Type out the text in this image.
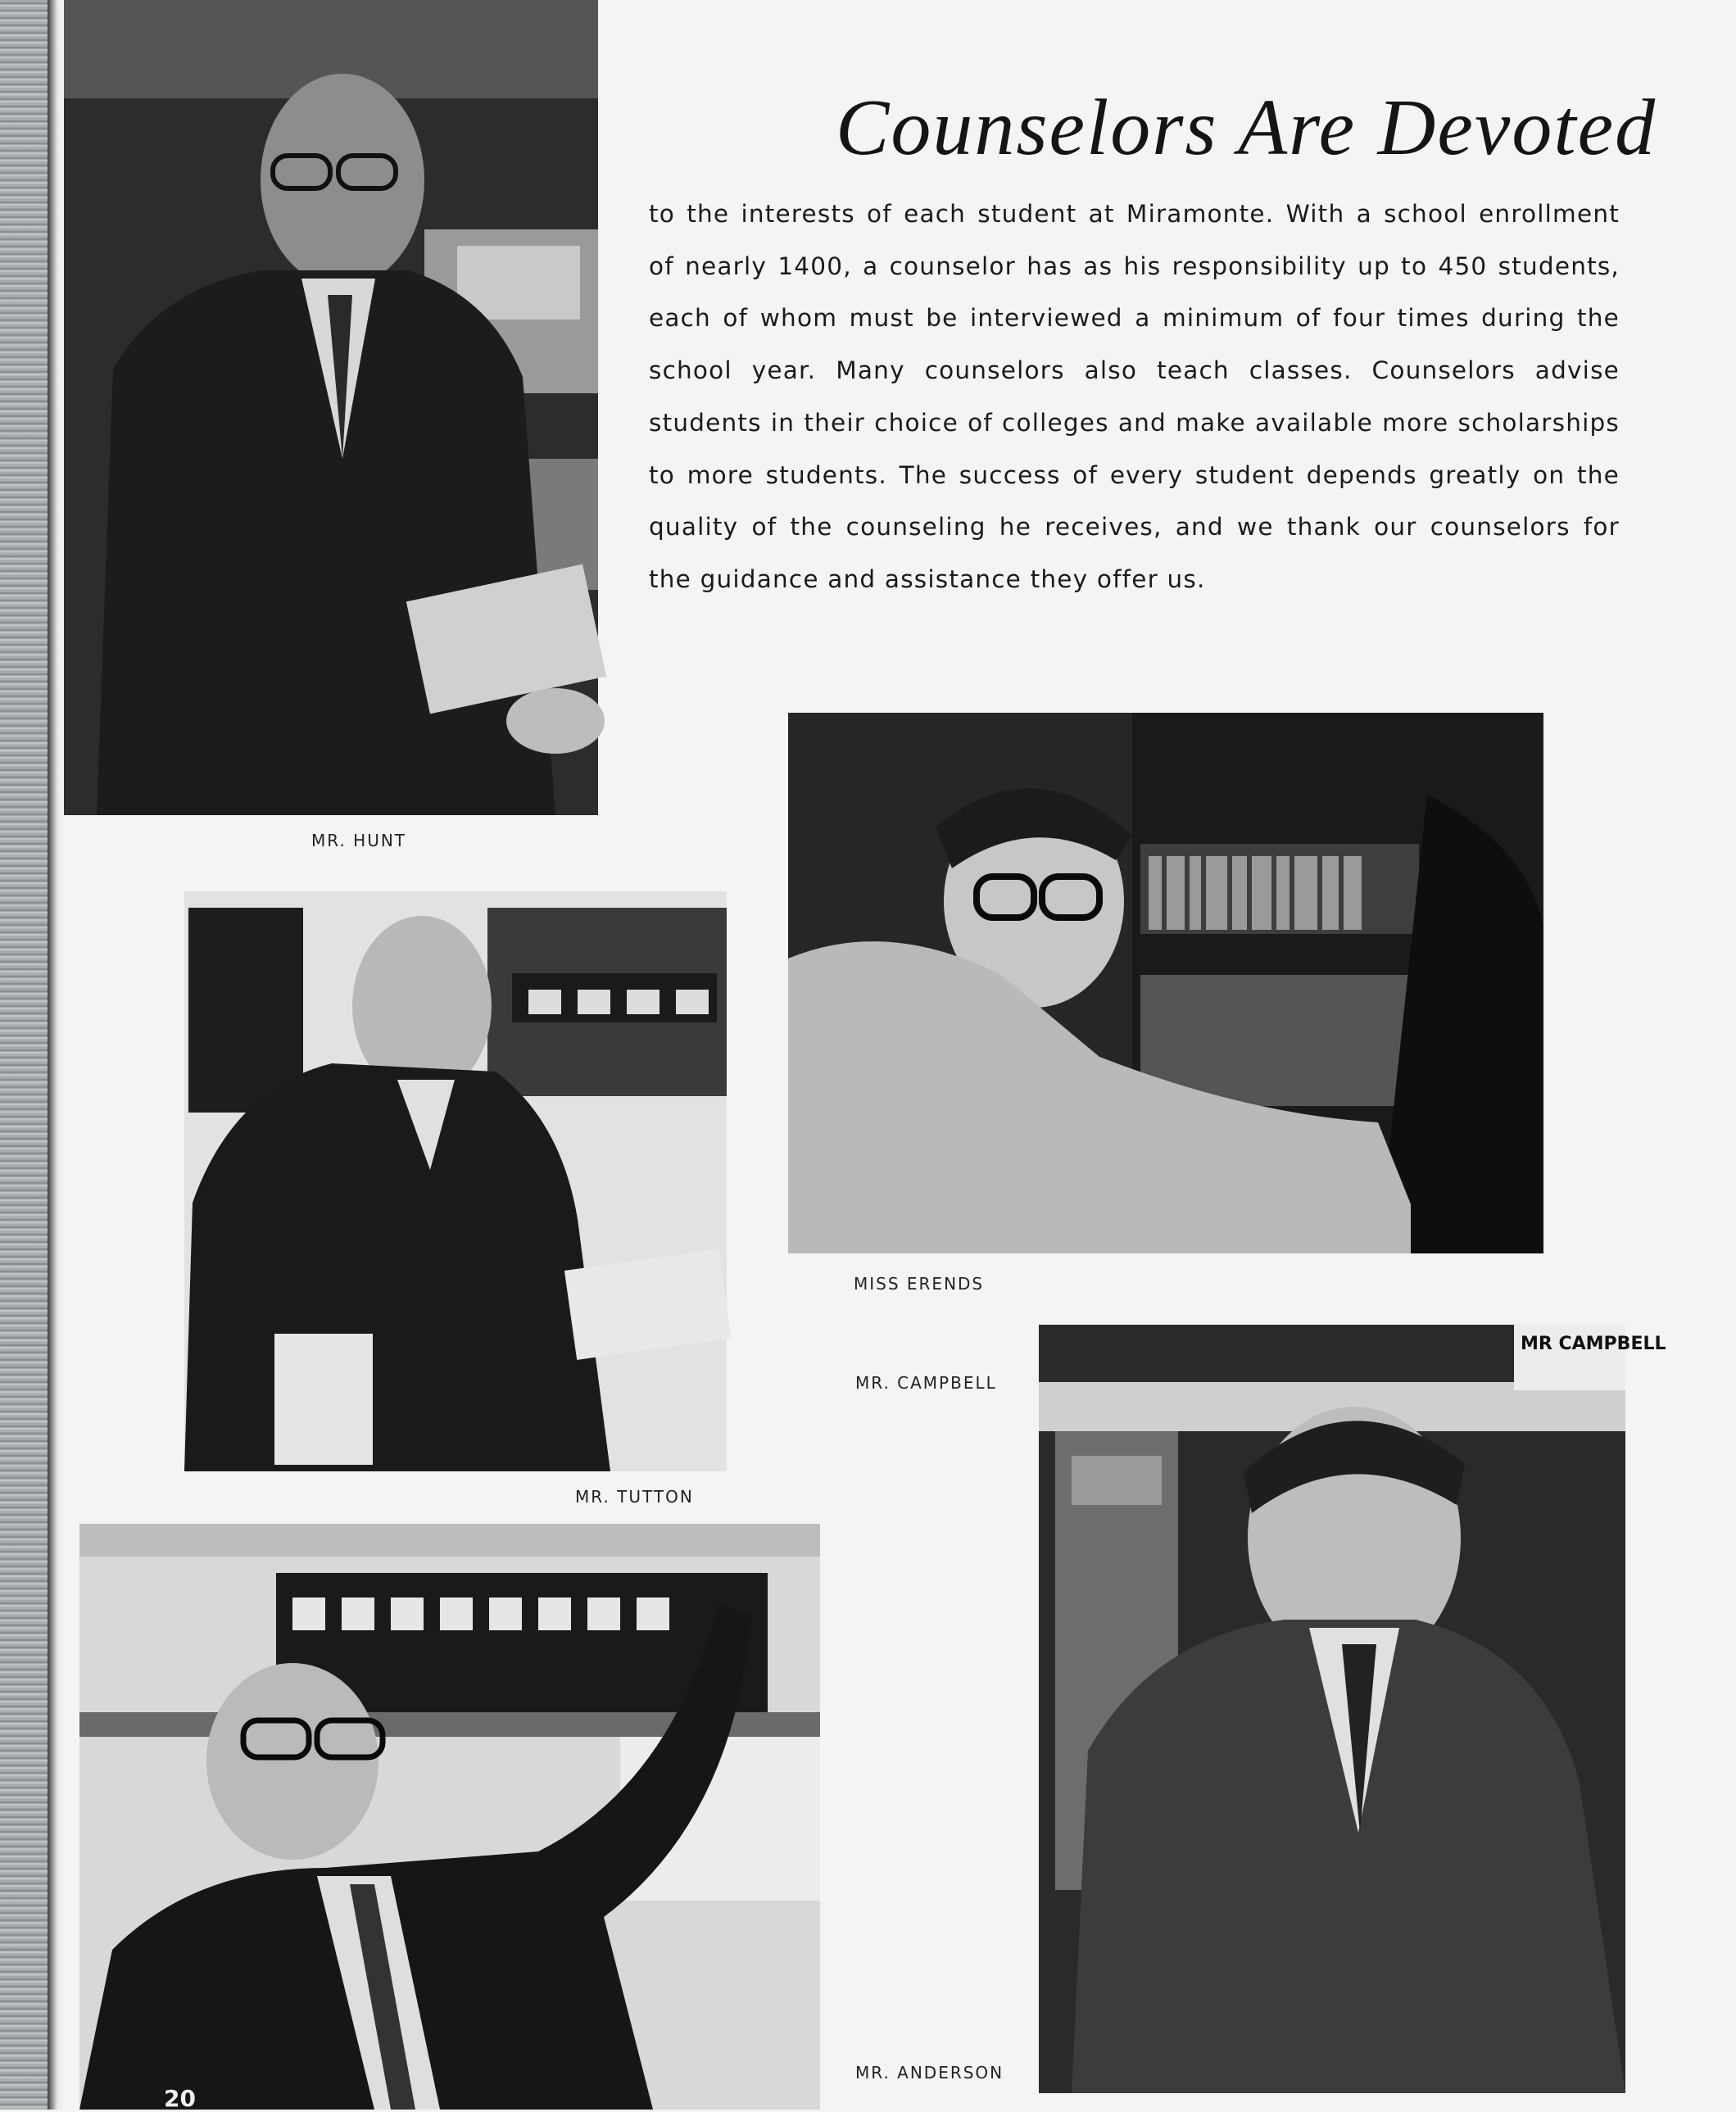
Counselors Are Devoted

to the interests of each student at Miramonte. With a school enrollment of nearly 1400, a counselor has as his responsibility up to 450 students, each of whom must be interviewed a minimum of four times during the school year. Many counselors also teach classes. Counselors advise students in their choice of colleges and make available more scholarships to more students. The success of every student depends greatly on the quality of the counseling he receives, and we thank our counselors for the guidance and assistance they offer us.

MR. HUNT
MR. TUTTON
MISS ERENDS
MR. CAMPBELL
MR CAMPBELL
20
MR. ANDERSON
